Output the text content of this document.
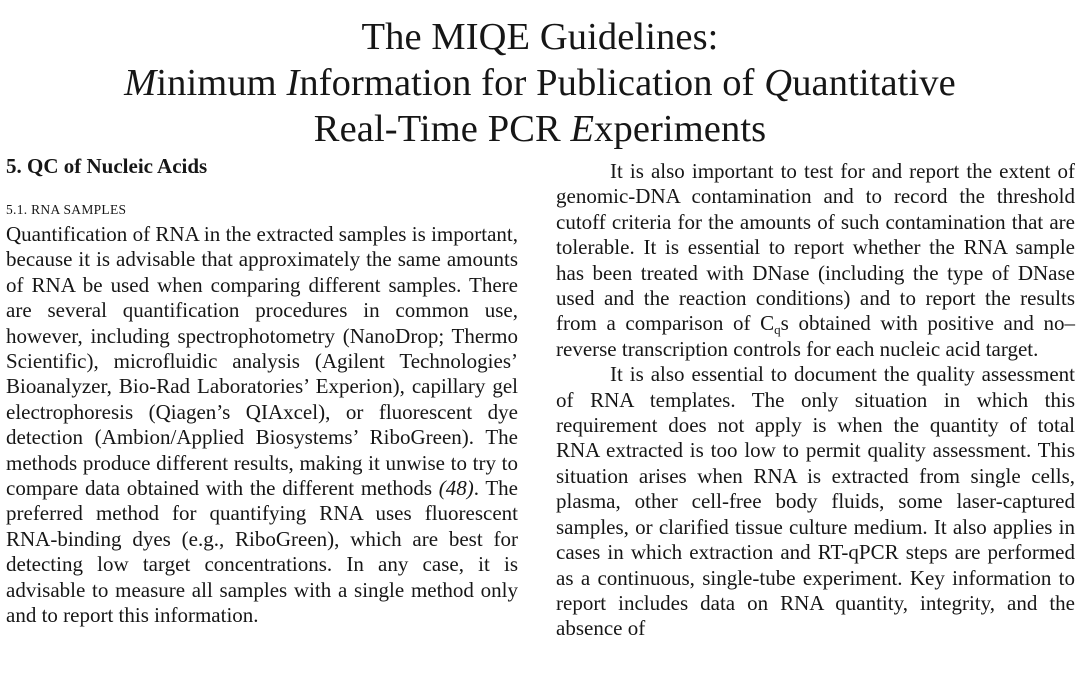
The MIQE Guidelines:
Minimum Information for Publication of Quantitative
Real-Time PCR Experiments
5. QC of Nucleic Acids
5.1. RNA SAMPLES

Quantification of RNA in the extracted samples is important, because it is advisable that approximately the same amounts of RNA be used when comparing different samples. There are several quantification procedures in common use, however, including spectrophotometry (NanoDrop; Thermo Scientific), microfluidic analysis (Agilent Technologies’ Bioanalyzer, Bio-Rad Laboratories’ Experion), capillary gel electrophoresis (Qiagen’s QIAxcel), or fluorescent dye detection (Ambion/Applied Biosystems’ RiboGreen). The methods produce different results, making it unwise to try to compare data obtained with the different methods (48). The preferred method for quantifying RNA uses fluorescent RNA-binding dyes (e.g., RiboGreen), which are best for detecting low target concentrations. In any case, it is advisable to measure all samples with a single method only and to report this information.

It is also important to test for and report the extent of genomic-DNA contamination and to record the threshold cutoff criteria for the amounts of such contamination that are tolerable. It is essential to report whether the RNA sample has been treated with DNase (including the type of DNase used and the reaction conditions) and to report the results from a comparison of $C_qs$ obtained with positive and no–reverse transcription controls for each nucleic acid target.

It is also essential to document the quality assessment of RNA templates. The only situation in which this requirement does not apply is when the quantity of total RNA extracted is too low to permit quality assessment. This situation arises when RNA is extracted from single cells, plasma, other cell-free body fluids, some laser-captured samples, or clarified tissue culture medium. It also applies in cases in which extraction and RT-qPCR steps are performed as a continuous, single-tube experiment. Key information to report includes data on RNA quantity, integrity, and the absence of
